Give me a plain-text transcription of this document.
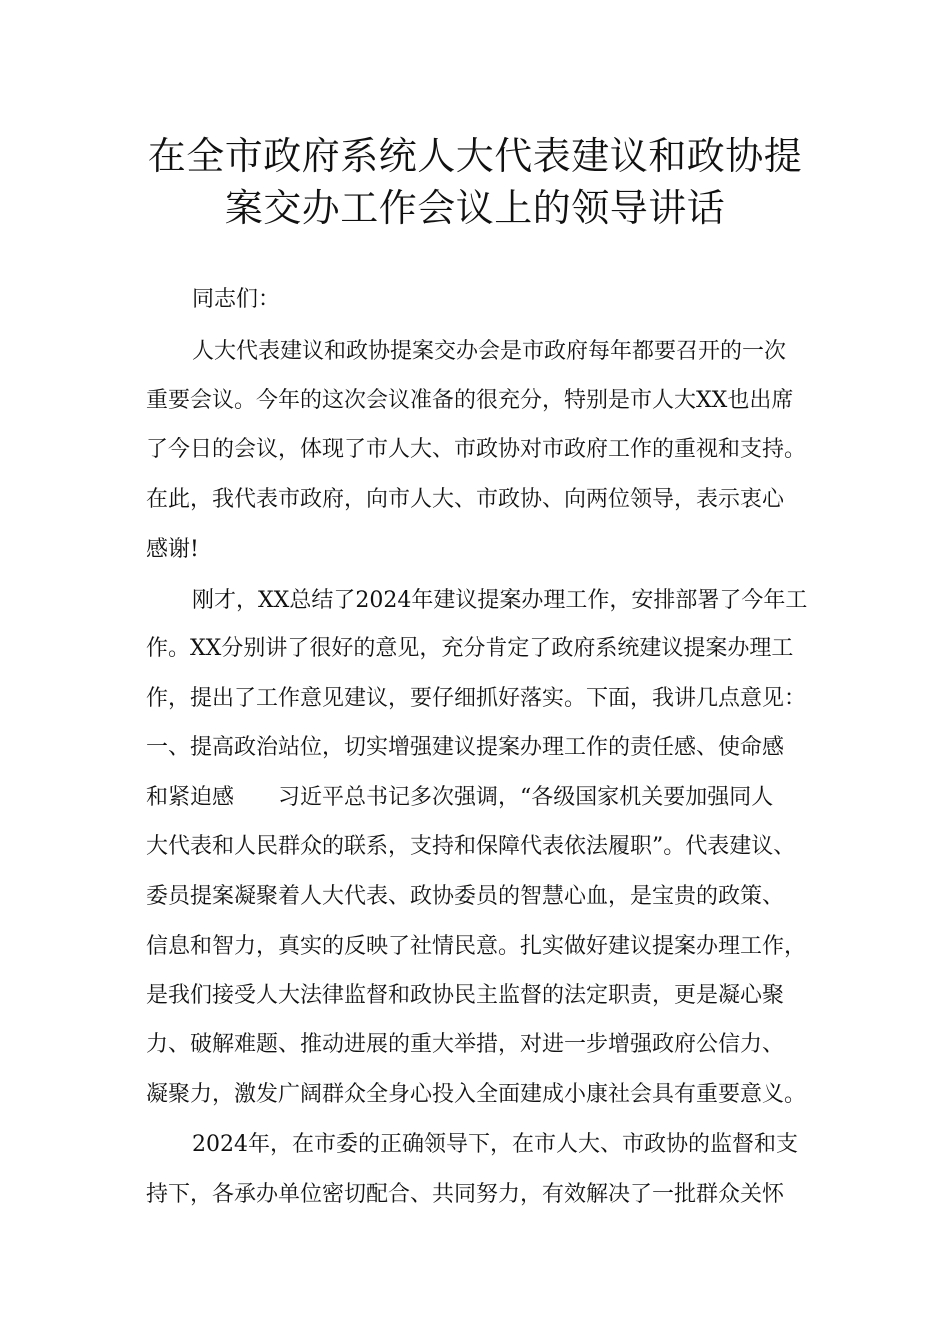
在全市政府系统人大代表建议和政协提
案交办工作会议上的领导讲话

同志们：

人大代表建议和政协提案交办会是市政府每年都要召开的一次

重要会议。今年的这次会议准备的很充分，特别是市人大XX也出席

了今日的会议，体现了市人大、市政协对市政府工作的重视和支持。

在此，我代表市政府，向市人大、市政协、向两位领导，表示衷心

感谢!

刚才，XX总结了2024年建议提案办理工作，安排部署了今年工

作。XX分别讲了很好的意见，充分肯定了政府系统建议提案办理工

作，提出了工作意见建议，要仔细抓好落实。下面，我讲几点意见：

一、提高政治站位，切实增强建议提案办理工作的责任感、使命感

和紧迫感　　习近平总书记多次强调，“各级国家机关要加强同人

大代表和人民群众的联系，支持和保障代表依法履职”。代表建议、

委员提案凝聚着人大代表、政协委员的智慧心血，是宝贵的政策、

信息和智力，真实的反映了社情民意。扎实做好建议提案办理工作，

是我们接受人大法律监督和政协民主监督的法定职责，更是凝心聚

力、破解难题、推动进展的重大举措，对进一步增强政府公信力、

凝聚力，激发广阔群众全身心投入全面建成小康社会具有重要意义。

2024年，在市委的正确领导下，在市人大、市政协的监督和支

持下，各承办单位密切配合、共同努力，有效解决了一批群众关怀
